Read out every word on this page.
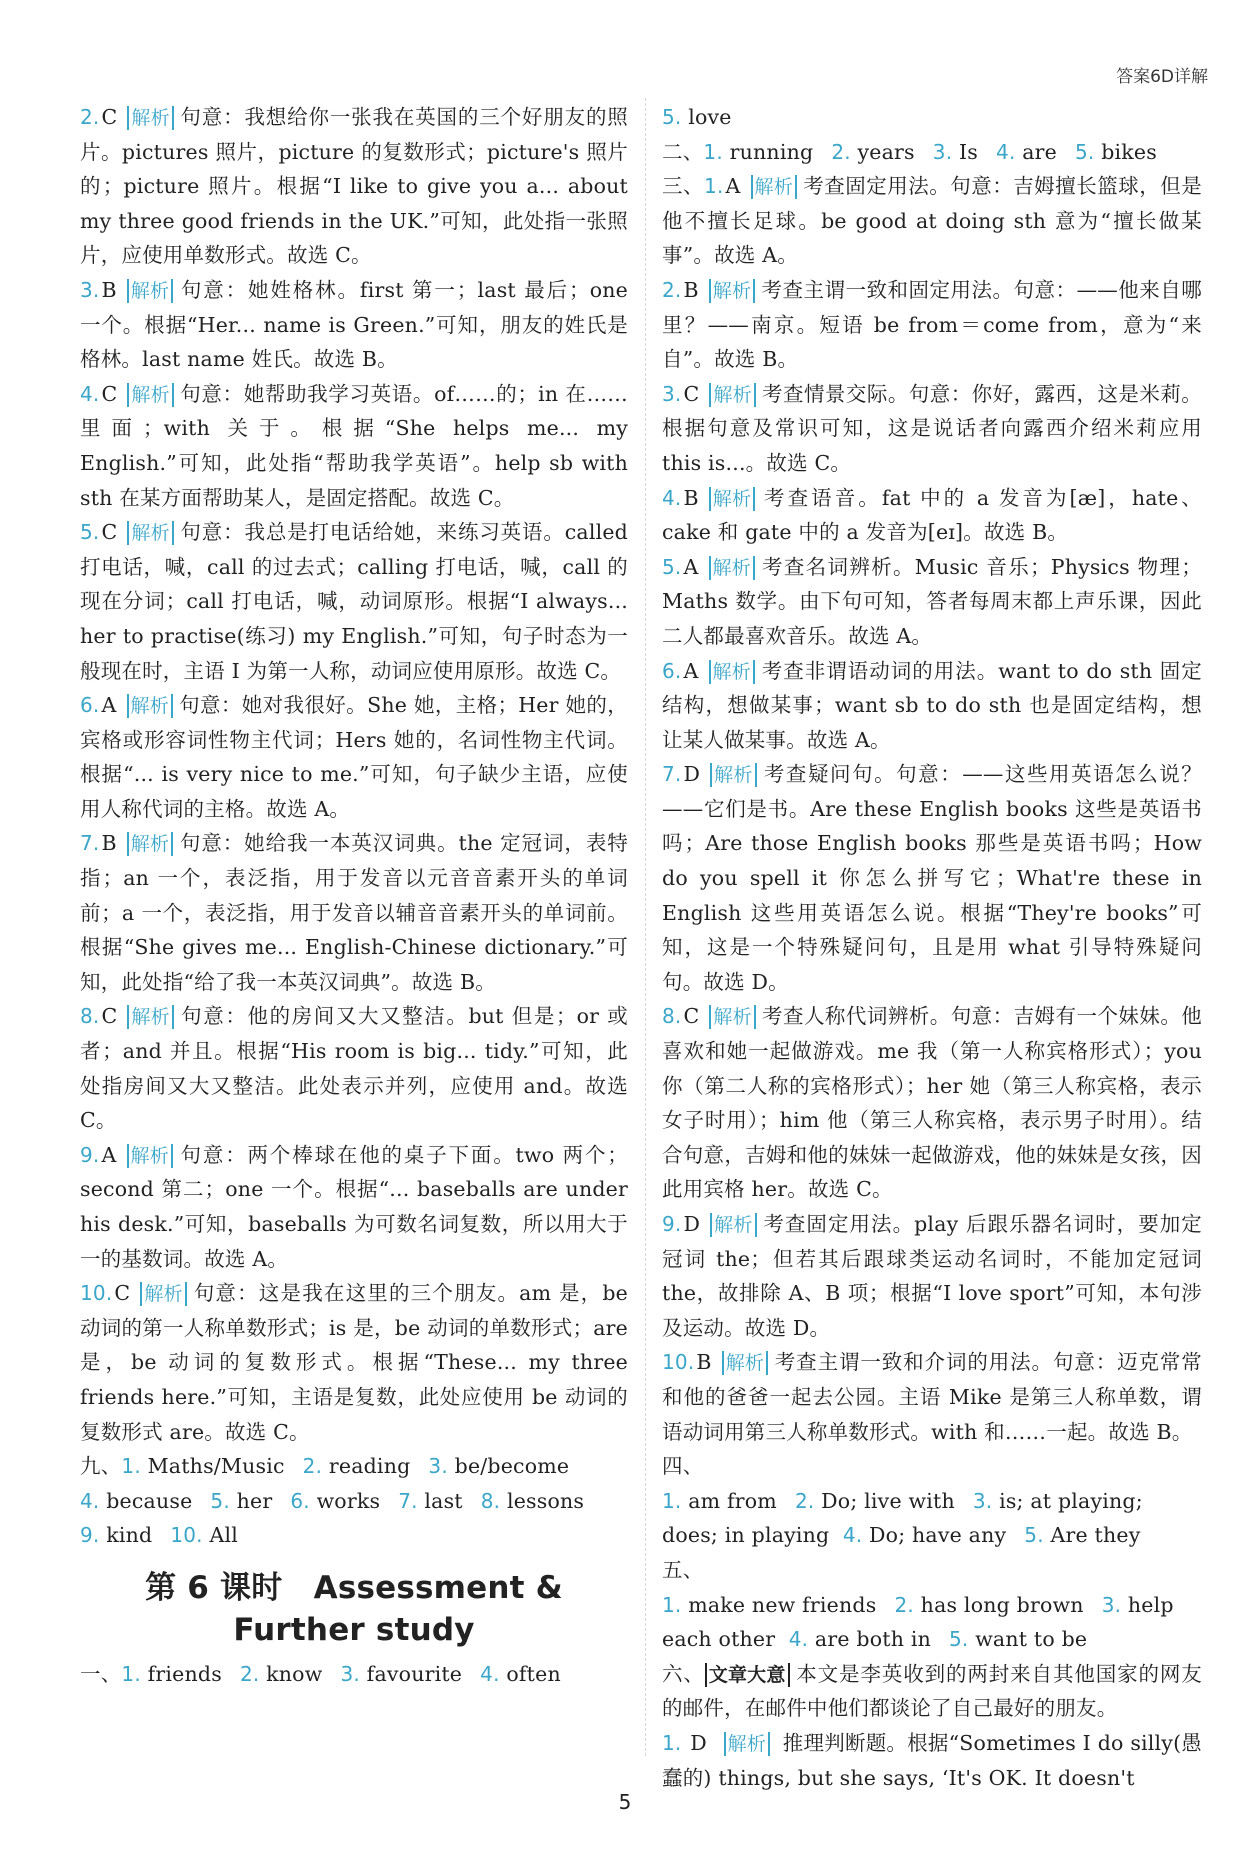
答案6D详解
2.C 解析 句意：我想给你一张我在英国的三个好朋友的照片。pictures 照片，picture 的复数形式；picture's 照片的；picture 照片。根据“I like to give you a... about my three good friends in the UK.”可知，此处指一张照片，应使用单数形式。故选 C。
3.B 解析 句意：她姓格林。first 第一；last 最后；one 一个。根据“Her... name is Green.”可知，朋友的姓氏是格林。last name 姓氏。故选 B。
4.C 解析 句意：她帮助我学习英语。of……的；in 在……里面；with 关于。根据“She helps me... my English.”可知，此处指“帮助我学英语”。help sb with sth 在某方面帮助某人，是固定搭配。故选 C。
5.C 解析 句意：我总是打电话给她，来练习英语。called 打电话，喊，call 的过去式；calling 打电话，喊，call 的现在分词；call 打电话，喊，动词原形。根据“I always... her to practise(练习) my English.”可知，句子时态为一般现在时，主语 I 为第一人称，动词应使用原形。故选 C。
6.A 解析 句意：她对我很好。She 她，主格；Her 她的，宾格或形容词性物主代词；Hers 她的，名词性物主代词。根据“... is very nice to me.”可知，句子缺少主语，应使用人称代词的主格。故选 A。
7.B 解析 句意：她给我一本英汉词典。the 定冠词，表特指；an 一个，表泛指，用于发音以元音音素开头的单词前；a 一个，表泛指，用于发音以辅音音素开头的单词前。根据“She gives me... English-Chinese dictionary.”可知，此处指“给了我一本英汉词典”。故选 B。
8.C 解析 句意：他的房间又大又整洁。but 但是；or 或者；and 并且。根据“His room is big... tidy.”可知，此处指房间又大又整洁。此处表示并列，应使用 and。故选 C。
9.A 解析 句意：两个棒球在他的桌子下面。two 两个；second 第二；one 一个。根据“... baseballs are under his desk.”可知，baseballs 为可数名词复数，所以用大于一的基数词。故选 A。
10.C 解析 句意：这是我在这里的三个朋友。am 是，be 动词的第一人称单数形式；is 是，be 动词的单数形式；are 是，be 动词的复数形式。根据“These... my three friends here.”可知，主语是复数，此处应使用 be 动词的复数形式 are。故选 C。
九、1. Maths/Music 2. reading 3. be/become
4. because 5. her 6. works 7. last 8. lessons
9. kind 10. All
第 6 课时　Assessment &
Further study
一、1. friends 2. know 3. favourite 4. often
5. love
二、1. running 2. years 3. Is 4. are 5. bikes
三、1.A 解析 考查固定用法。句意：吉姆擅长篮球，但是他不擅长足球。be good at doing sth 意为“擅长做某事”。故选 A。
2.B 解析 考查主谓一致和固定用法。句意：——他来自哪里？——南京。短语 be from＝come from，意为“来自”。故选 B。
3.C 解析 考查情景交际。句意：你好，露西，这是米莉。根据句意及常识可知，这是说话者向露西介绍米莉应用 this is...。故选 C。
4.B 解析 考查语音。fat 中的 a 发音为[æ]，hate、cake 和 gate 中的 a 发音为[eɪ]。故选 B。
5.A 解析 考查名词辨析。Music 音乐；Physics 物理；Maths 数学。由下句可知，答者每周末都上声乐课，因此二人都最喜欢音乐。故选 A。
6.A 解析 考查非谓语动词的用法。want to do sth 固定结构，想做某事；want sb to do sth 也是固定结构，想让某人做某事。故选 A。
7.D 解析 考查疑问句。句意：——这些用英语怎么说？——它们是书。Are these English books 这些是英语书吗；Are those English books 那些是英语书吗；How do you spell it 你怎么拼写它；What're these in English 这些用英语怎么说。根据“They're books”可知，这是一个特殊疑问句，且是用 what 引导特殊疑问句。故选 D。
8.C 解析 考查人称代词辨析。句意：吉姆有一个妹妹。他喜欢和她一起做游戏。me 我（第一人称宾格形式）；you 你（第二人称的宾格形式）；her 她（第三人称宾格，表示女子时用）；him 他（第三人称宾格，表示男子时用）。结合句意，吉姆和他的妹妹一起做游戏，他的妹妹是女孩，因此用宾格 her。故选 C。
9.D 解析 考查固定用法。play 后跟乐器名词时，要加定冠词 the；但若其后跟球类运动名词时，不能加定冠词 the，故排除 A、B 项；根据“I love sport”可知，本句涉及运动。故选 D。
10.B 解析 考查主谓一致和介词的用法。句意：迈克常常和他的爸爸一起去公园。主语 Mike 是第三人称单数，谓语动词用第三人称单数形式。with 和……一起。故选 B。
四、1. am from 2. Do; live with 3. is; at playing;
does; in playing 4. Do; have any 5. Are they
五、1. make new friends 2. has long brown 3. help
each other 4. are both in 5. want to be
六、 文章大意 本文是李英收到的两封来自其他国家的网友的邮件，在邮件中他们都谈论了自己最好的朋友。
1. D 解析 推理判断题。根据“Sometimes I do silly(愚蠢的) things, but she says, ‘It's OK. It doesn't
5
